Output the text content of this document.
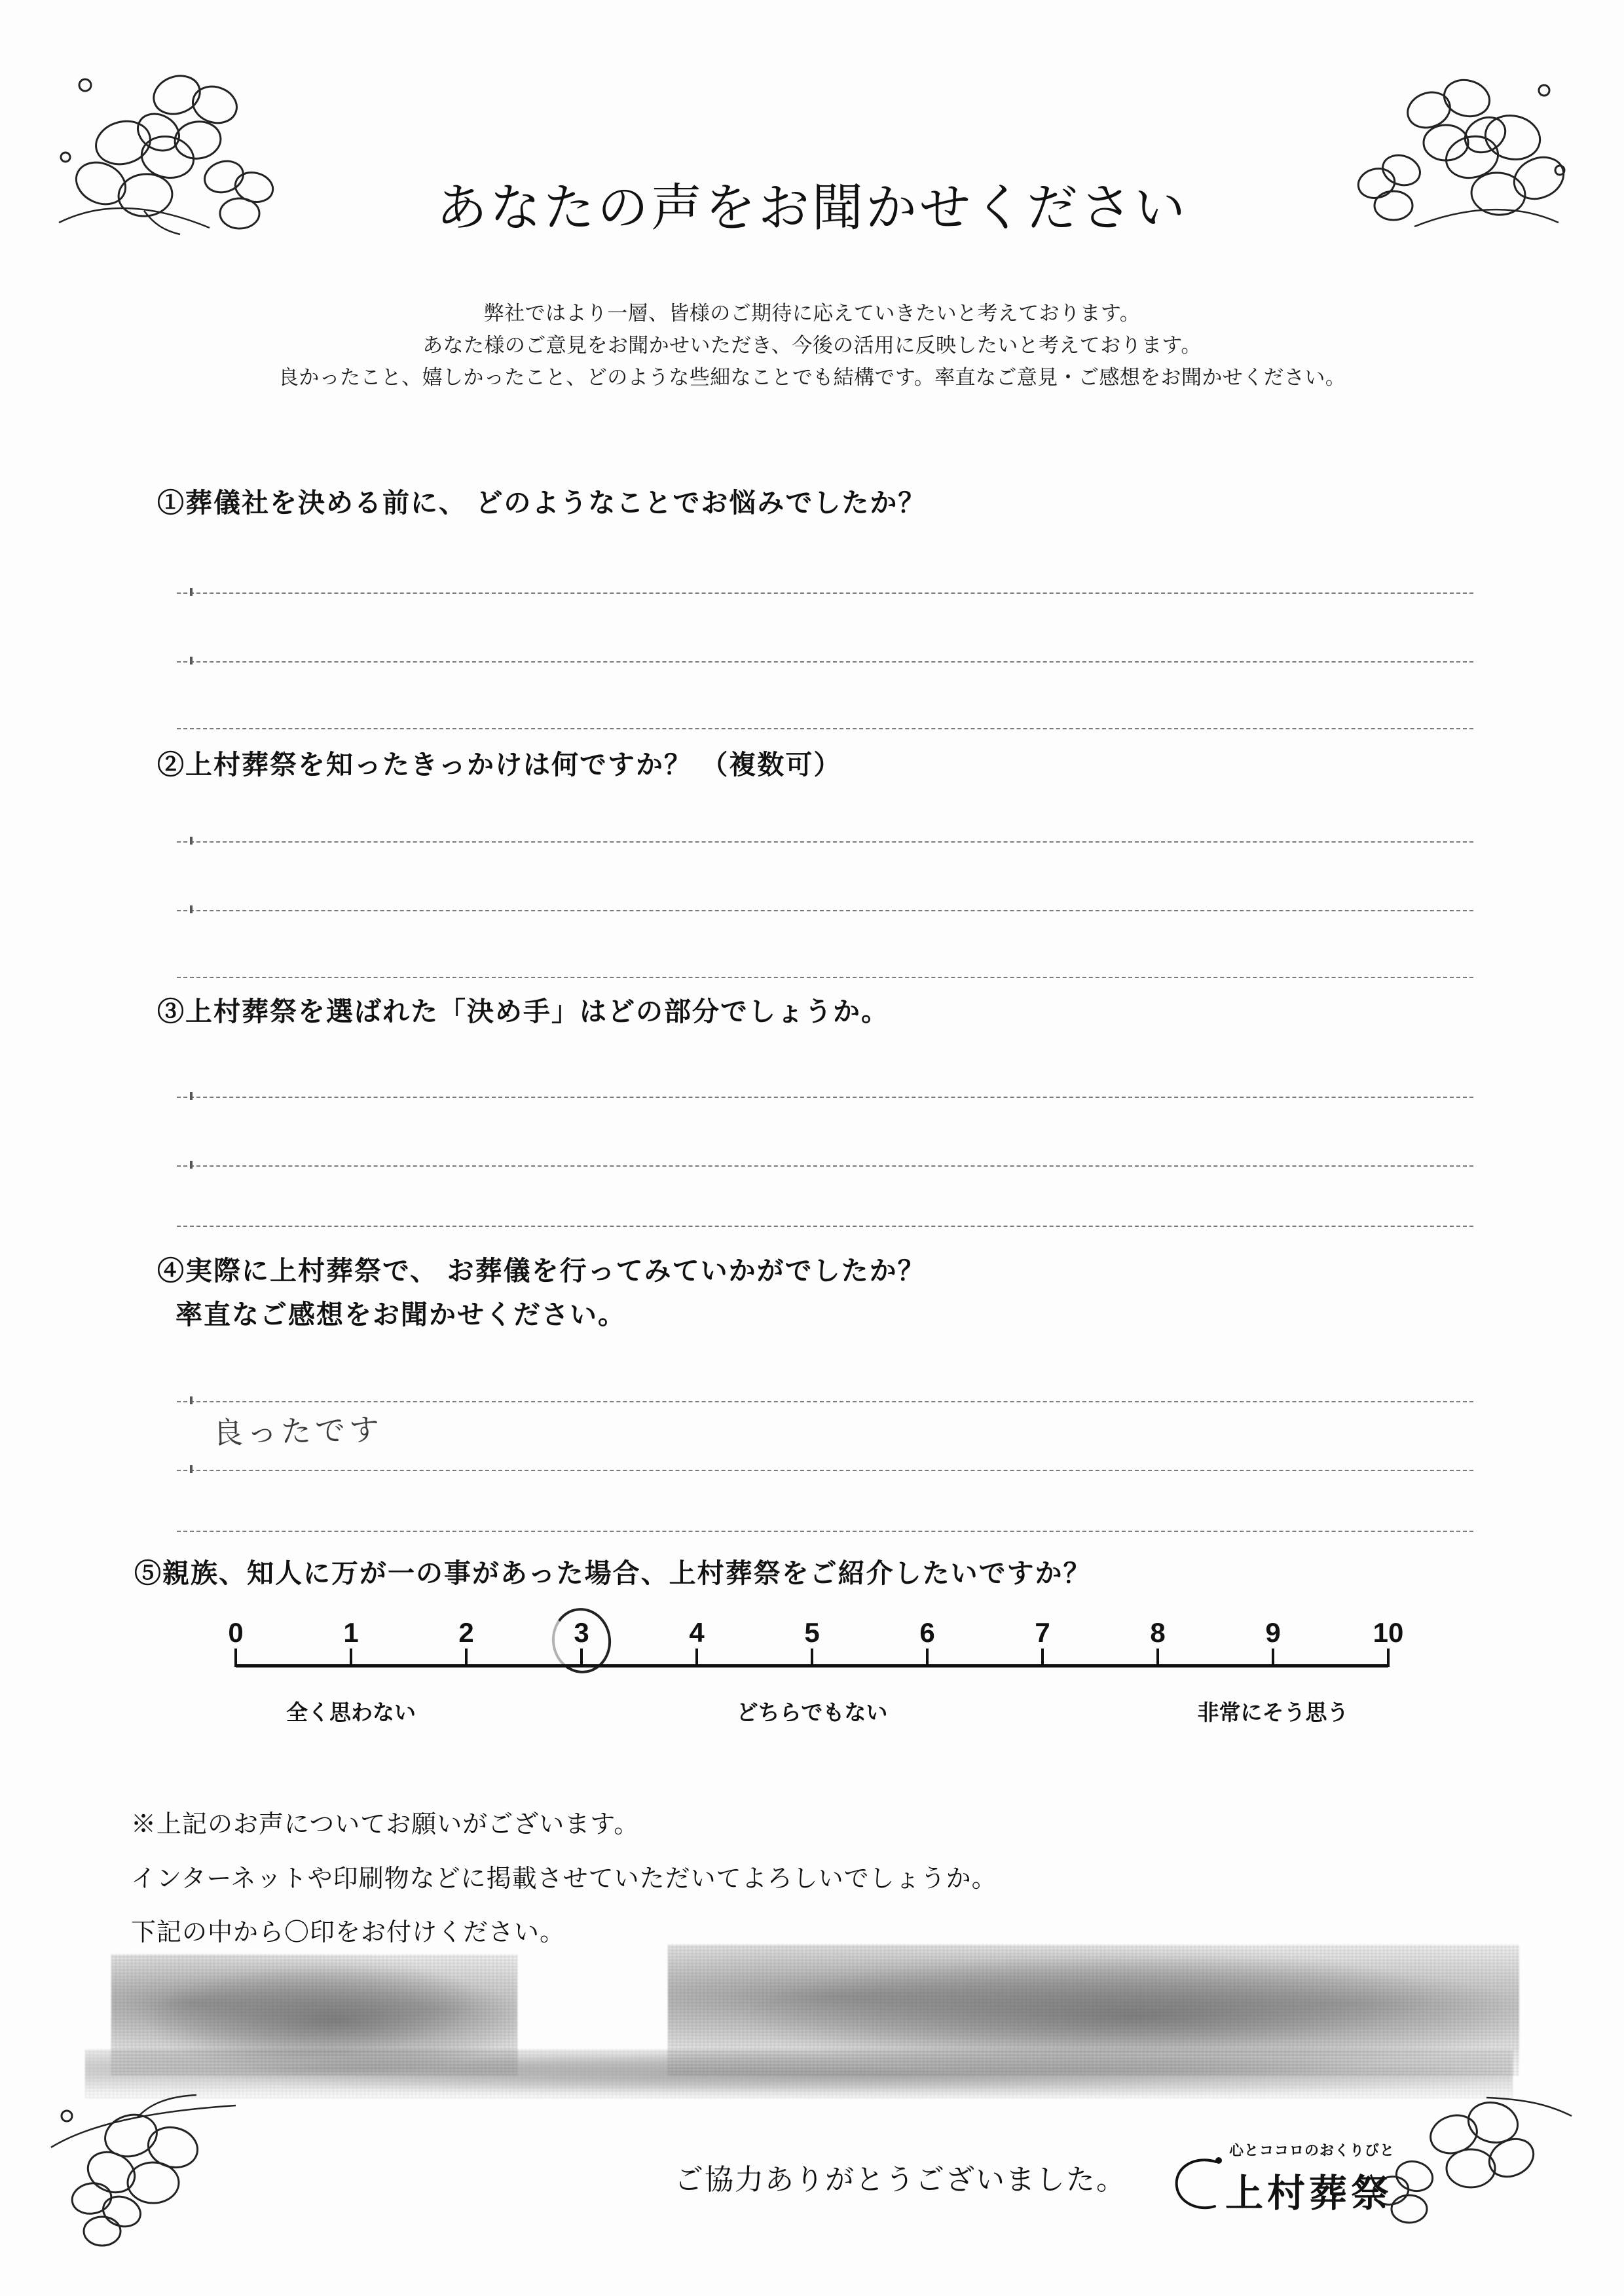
あなたの声をお聞かせください
弊社ではより一層、皆様のご期待に応えていきたいと考えております。
あなた様のご意見をお聞かせいただき、今後の活用に反映したいと考えております。
良かったこと、嬉しかったこと、どのような些細なことでも結構です。率直なご意見・ご感想をお聞かせください。
①葬儀社を決める前に、 どのようなことでお悩みでしたか？
②上村葬祭を知ったきっかけは何ですか？ （複数可）
③上村葬祭を選ばれた「決め手」はどの部分でしょうか。
④実際に上村葬祭で、 お葬儀を行ってみていかがでしたか？
率直なご感想をお聞かせください。
良ったです
⑤親族、知人に万が一の事があった場合、上村葬祭をご紹介したいですか？
0	1	2	3	4	5	6	7	8	9	10
全く思わない	どちらでもない	非常にそう思う
※上記のお声についてお願いがございます。
インターネットや印刷物などに掲載させていただいてよろしいでしょうか。
下記の中から〇印をお付けください。
ご協力ありがとうございました。
心とココロのおくりびと
上村葬祭
